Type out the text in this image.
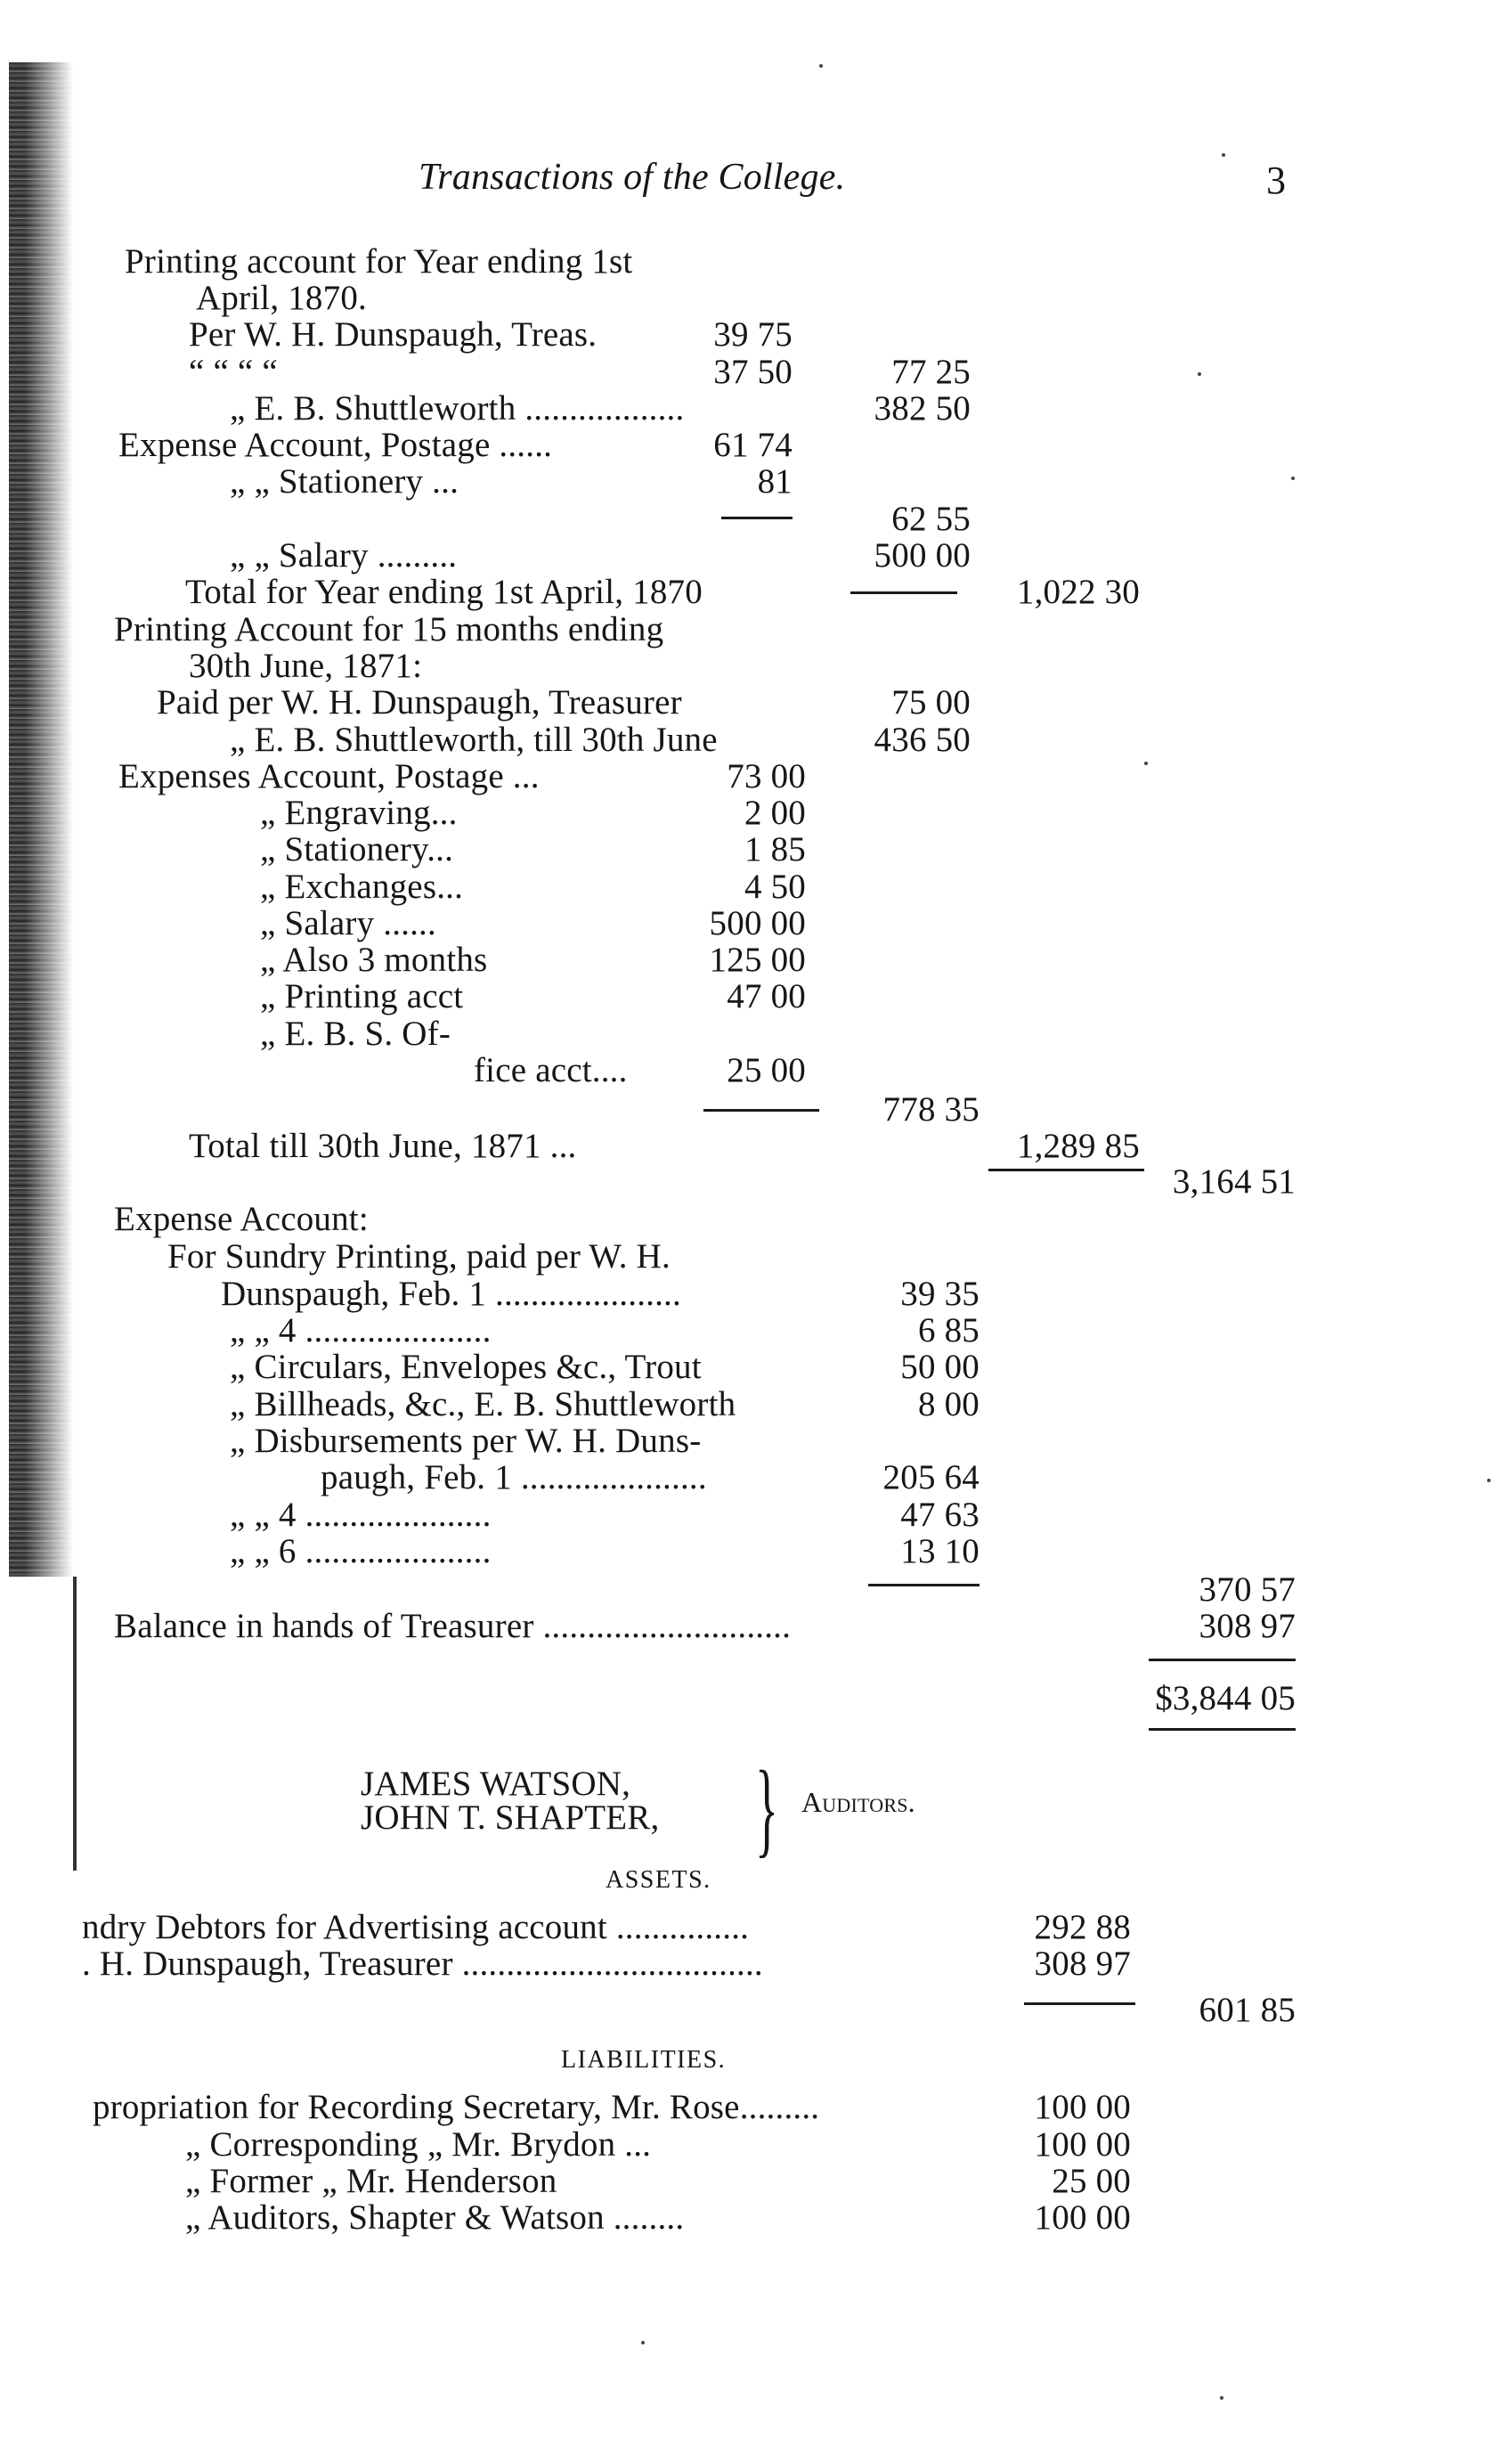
Transactions of the College.	3
Printing account for Year ending 1st
April, 1870.
Per W. H. Dunspaugh, Treas.	39 75
“ “ “ “	37 50	77 25
„ E. B. Shuttleworth ..................	382 50
Expense Account, Postage ......	61 74
„ „ Stationery ...	81
62 55
„ „ Salary .........	500 00
Total for Year ending 1st April, 1870	1,022 30
Printing Account for 15 months ending
30th June, 1871:
Paid per W. H. Dunspaugh, Treasurer	75 00
„ E. B. Shuttleworth, till 30th June	436 50
Expenses Account, Postage ...	73 00
„ Engraving...	2 00
„ Stationery...	1 85
„ Exchanges...	4 50
„ Salary ......	500 00
„ Also 3 months	125 00
„ Printing acct	47 00
„ E. B. S. Of-
fice acct....	25 00
778 35
Total till 30th June, 1871 ...	1,289 85
3,164 51
Expense Account:
For Sundry Printing, paid per W. H.
Dunspaugh, Feb. 1 .....................	39 35
„ „ 4 .....................	6 85
„ Circulars, Envelopes &c., Trout	50 00
„ Billheads, &c., E. B. Shuttleworth	8 00
„ Disbursements per W. H. Duns-
paugh, Feb. 1 .....................	205 64
„ „ 4 .....................	47 63
„ „ 6 .....................	13 10
370 57
Balance in hands of Treasurer ............................	308 97
$3,844 05
JAMES WATSON,
JOHN T. SHAPTER, } Auditors.
ASSETS.
ndry Debtors for Advertising account ...............	292 88
. H. Dunspaugh, Treasurer ..................................	308 97
601 85
LIABILITIES.
propriation for Recording Secretary, Mr. Rose.........	100 00
„ Corresponding „ Mr. Brydon ...	100 00
„ Former „ Mr. Henderson	25 00
„ Auditors, Shapter & Watson ........	100 00
